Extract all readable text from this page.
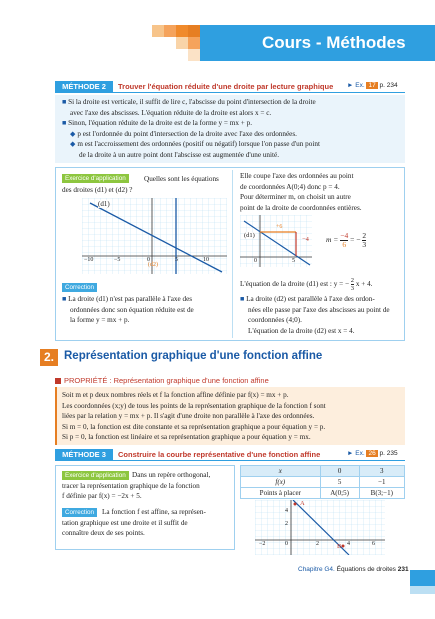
Cours - Méthodes
MÉTHODE 2	Trouver l'équation réduite d'une droite par lecture graphique ► Ex. 17 p. 234
■ Si la droite est verticale, il suffit de lire c, l'abscisse du point d'intersection de la droite
avec l'axe des abscisses. L'équation réduite de la droite est alors x = c.
■ Sinon, l'équation réduite de la droite est de la forme y = mx + p.
◆ p est l'ordonnée du point d'intersection de la droite avec l'axe des ordonnées.
◆ m est l'accroissement des ordonnées (positif ou négatif) lorsque l'on passe d'un point
de la droite à un autre point dont l'abscisse est augmentée d'une unité.
Exercice d'application	Quelles sont les équations
des droites (d1) et (d2) ?
(d1)
(d2)
−10	−5	0	5	10
Correction
■ La droite (d1) n'est pas parallèle à l'axe des
ordonnées donc son équation réduite est de
la forme y = mx + p.
Elle coupe l'axe des ordonnées au point
de coordonnées A(0;4) donc p = 4.
Pour déterminer m, on choisit un autre
point de la droite de coordonnées entières.
(d1)
+6
−4
0	5
$m = \frac{-4}{6}$ = − $\frac{2}{3}$
L'équation de la droite (d1) est : y = − $\frac{2}{3}$ x + 4.
■ La droite (d2) est parallèle à l'axe des ordon-
nées elle passe par l'axe des abscisses au point de
coordonnées (4;0).
L'équation de la droite (d2) est x = 4.
2. Représentation graphique d'une fonction affine
PROPRIÉTÉ : Représentation graphique d'une fonction affine
Soit m et p deux nombres réels et f la fonction affine définie par f(x) = mx + p.
Les coordonnées (x;y) de tous les points de la représentation graphique de la fonction f sont
liées par la relation y = mx + p. Il s'agit d'une droite non parallèle à l'axe des ordonnées.
Si m = 0, la fonction est dite constante et sa représentation graphique a pour équation y = p.
Si p = 0, la fonction est linéaire et sa représentation graphique a pour équation y = mx.
MÉTHODE 3	Construire la courbe représentative d'une fonction affine	► Ex. 26 p. 235
Exercice d'application Dans un repère orthogonal,
tracer la représentation graphique de la fonction
f définie par f(x) = −2x + 5.
Correction	La fonction f est affine, sa représen-
tation graphique est une droite et il suffit de
connaître deux de ses points.
x	0	3
f(x)	5	−1
Points à placer	A(0;5)	B(3;−1)
A
B
4
2
−2	0	2	4	6
Chapitre G4. Équations de droites 231
